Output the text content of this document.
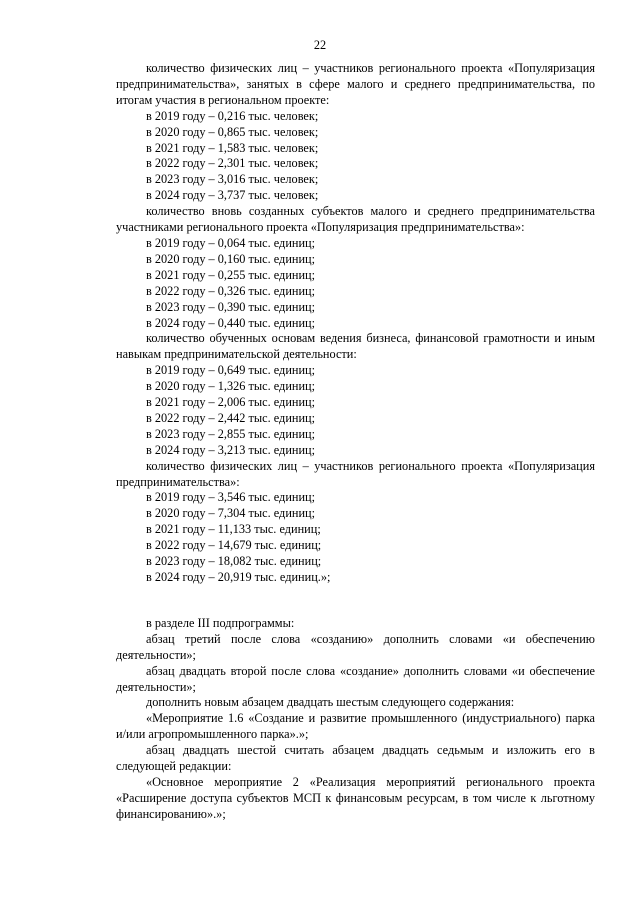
22

количество физических лиц – участников регионального проекта «Популяризация предпринимательства», занятых в сфере малого и среднего предпринимательства, по итогам участия в региональном проекте:

в 2019 году – 0,216 тыс. человек;

в 2020 году – 0,865 тыс. человек;

в 2021 году – 1,583 тыс. человек;

в 2022 году – 2,301 тыс. человек;

в 2023 году – 3,016 тыс. человек;

в 2024 году – 3,737 тыс. человек;

количество вновь созданных субъектов малого и среднего предпринимательства участниками регионального проекта «Популяризация предпринимательства»:

в 2019 году – 0,064 тыс. единиц;

в 2020 году – 0,160 тыс. единиц;

в 2021 году – 0,255 тыс. единиц;

в 2022 году – 0,326 тыс. единиц;

в 2023 году – 0,390 тыс. единиц;

в 2024 году – 0,440 тыс. единиц;

количество обученных основам ведения бизнеса, финансовой грамотности и иным навыкам предпринимательской деятельности:

в 2019 году – 0,649 тыс. единиц;

в 2020 году – 1,326 тыс. единиц;

в 2021 году – 2,006 тыс. единиц;

в 2022 году – 2,442 тыс. единиц;

в 2023 году – 2,855 тыс. единиц;

в 2024 году – 3,213 тыс. единиц;

количество физических лиц – участников регионального проекта «Популяризация предпринимательства»:

в 2019 году – 3,546 тыс. единиц;

в 2020 году – 7,304 тыс. единиц;

в 2021 году – 11,133 тыс. единиц;

в 2022 году – 14,679 тыс. единиц;

в 2023 году – 18,082 тыс. единиц;

в 2024 году – 20,919 тыс. единиц.»;

в разделе III подпрограммы:

абзац третий после слова «созданию» дополнить словами «и обеспечению деятельности»;

абзац двадцать второй после слова «создание» дополнить словами «и обеспечение деятельности»;

дополнить новым абзацем двадцать шестым следующего содержания:

«Мероприятие 1.6 «Создание и развитие промышленного (индустриального) парка и/или агропромышленного парка».»;

абзац двадцать шестой считать абзацем двадцать седьмым и изложить его в следующей редакции:

«Основное мероприятие 2 «Реализация мероприятий регионального проекта «Расширение доступа субъектов МСП к финансовым ресурсам, в том числе к льготному финансированию».»;
